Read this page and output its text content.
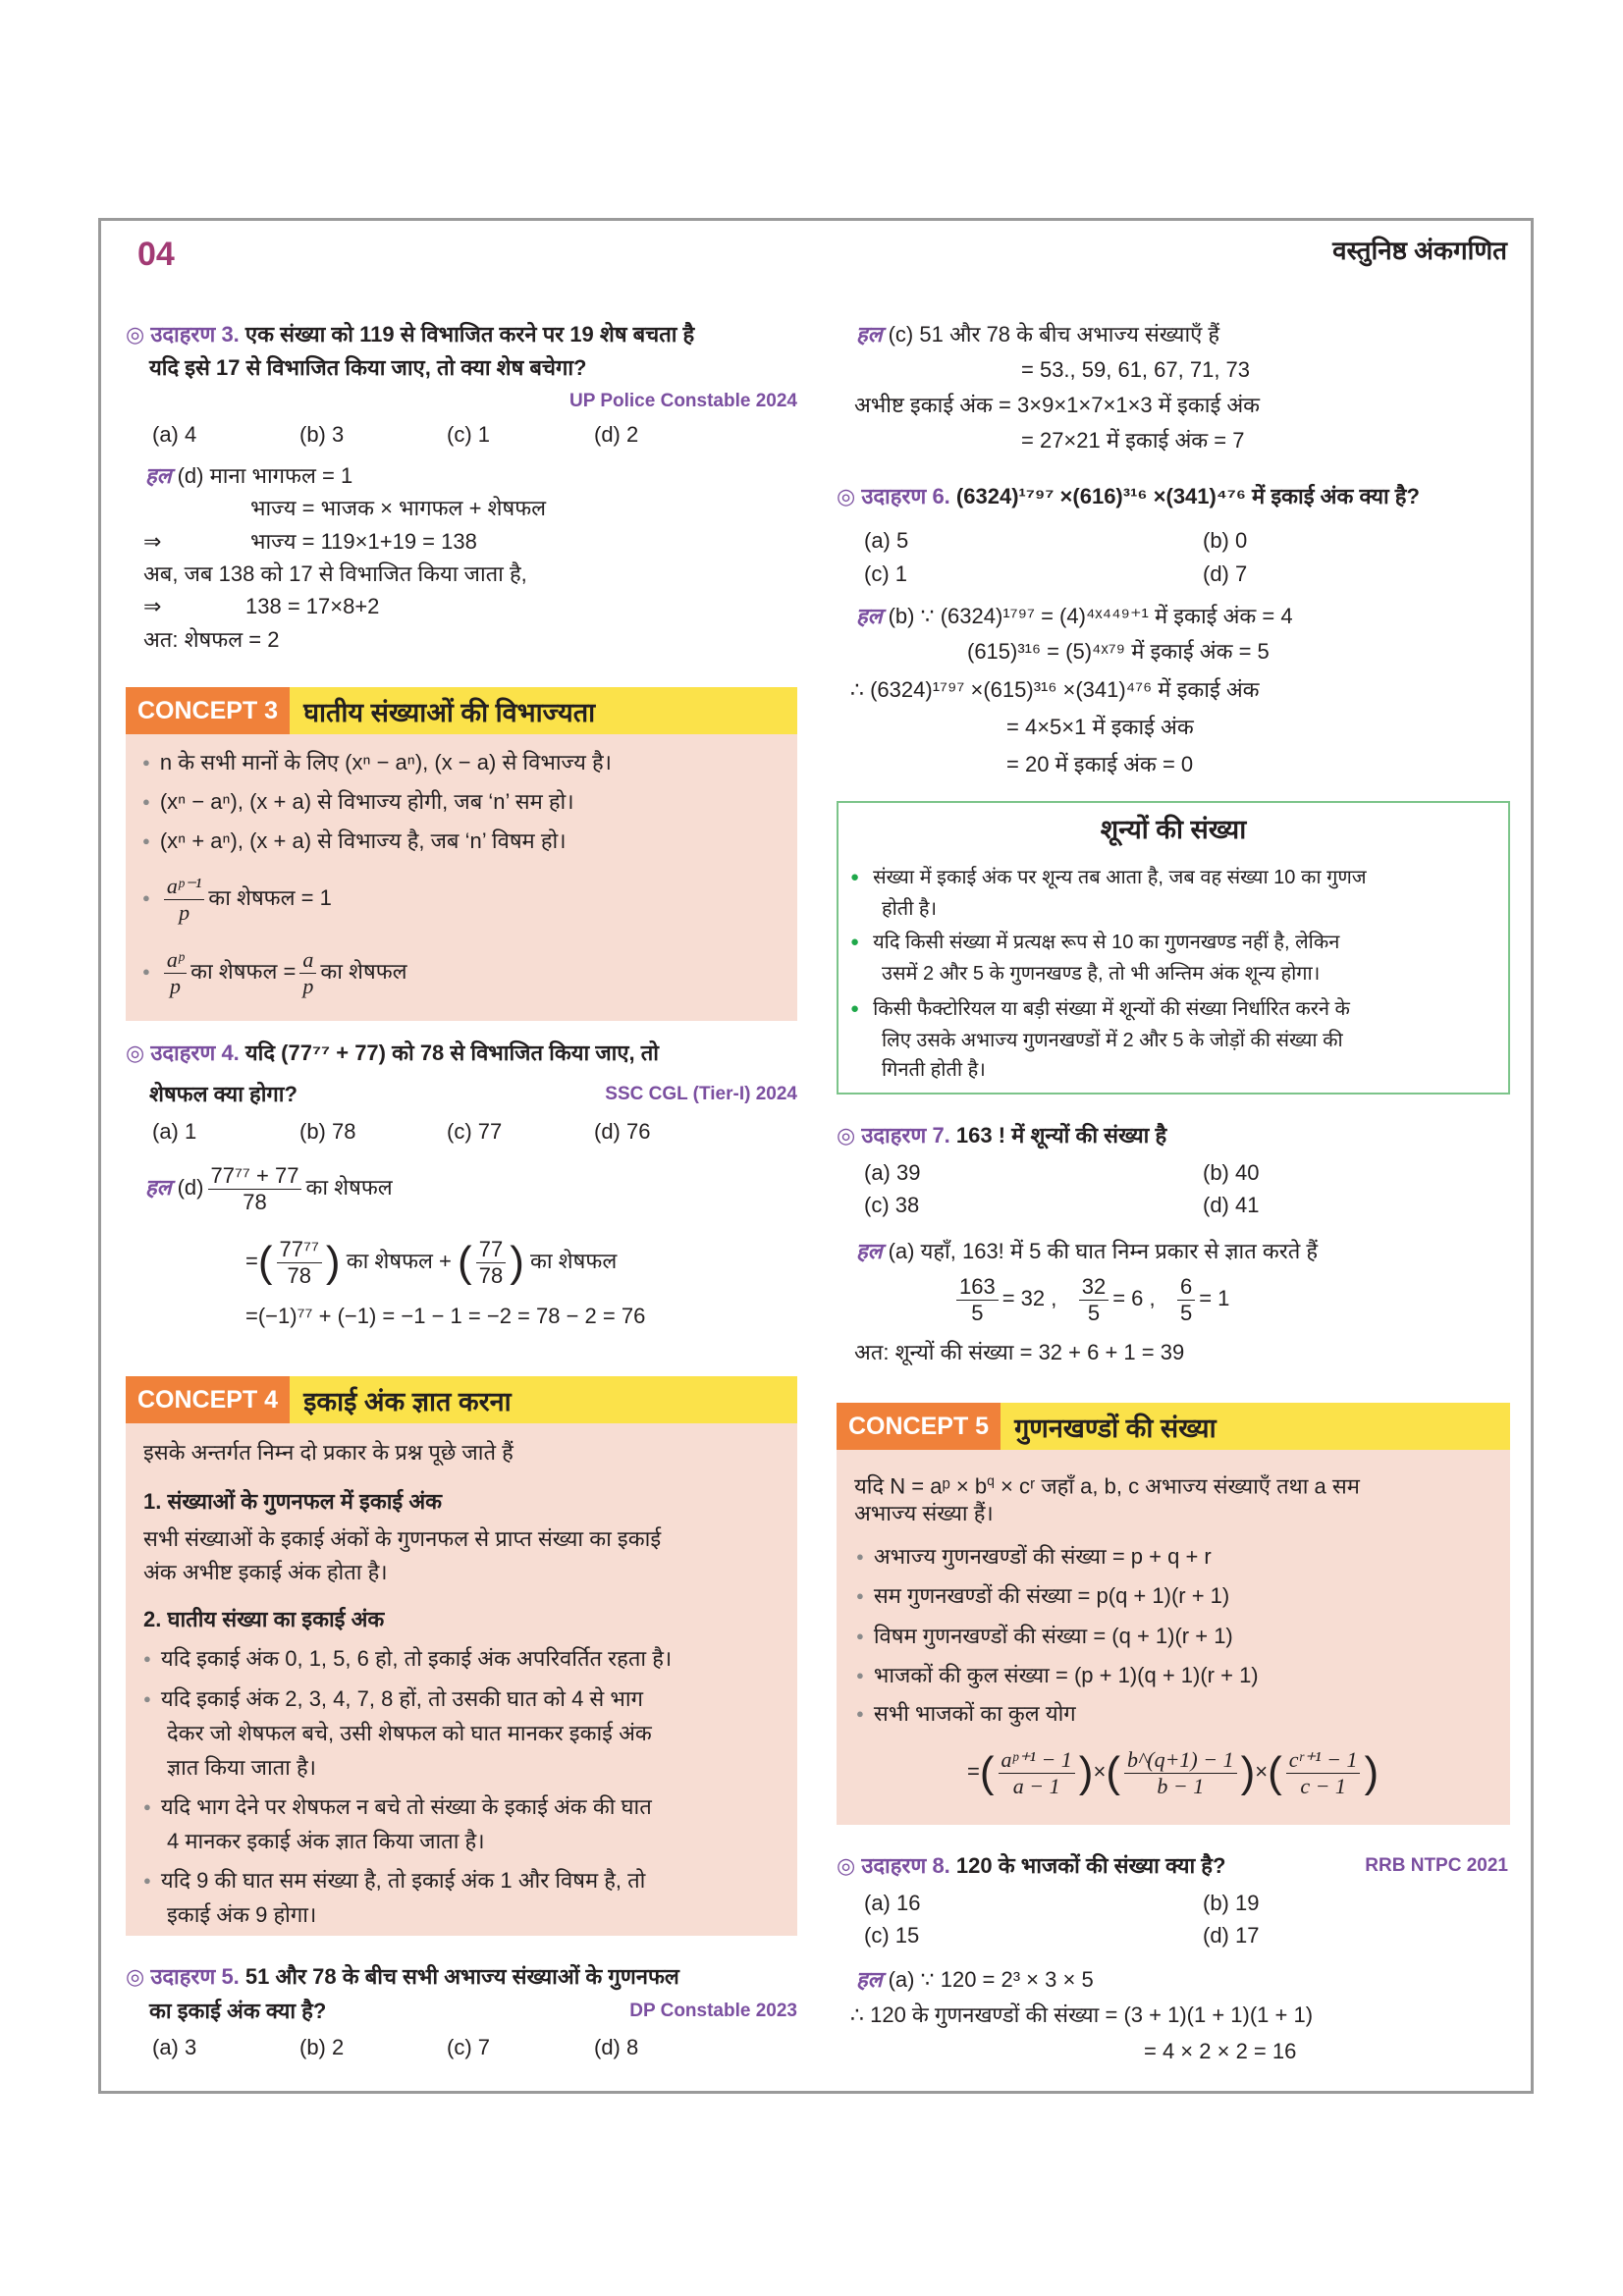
04	वस्तुनिष्ठ अंकगणित
◎ उदाहरण 3. एक संख्या को 119 से विभाजित करने पर 19 शेष बचता है
यदि इसे 17 से विभाजित किया जाए, तो क्या शेष बचेगा?
UP Police Constable 2024
(a) 4	(b) 3	(c) 1	(d) 2
हल (d) माना भागफल = 1
भाज्य = भाजक × भागफल + शेषफल
⇒	भाज्य = 119×1+19 = 138
अब, जब 138 को 17 से विभाजित किया जाता है,
⇒	138 = 17×8+2
अत: शेषफल = 2
CONCEPT 3 घातीय संख्याओं की विभाज्यता
● n के सभी मानों के लिए (xⁿ − aⁿ), (x − a) से विभाज्य है।
● (xⁿ − aⁿ), (x + a) से विभाज्य होगी, जब ‘n’ सम हो।
● (xⁿ + aⁿ), (x + a) से विभाज्य है, जब ‘n’ विषम हो।
● $\frac{\text{aᵖ⁻¹}}{p}$ का शेषफल = 1
● $\frac{\text{aᵖ}}{p}$ का शेषफल = $\frac{a}{p}$ का शेषफल
◎ उदाहरण 4. यदि (77⁷⁷ + 77) को 78 से विभाजित किया जाए, तो
शेषफल क्या होगा?	SSC CGL (Tier-I) 2024
(a) 1	(b) 78	(c) 77	(d) 76
हल $(d) \frac{\text{77⁷⁷ + 77}}{78}$ का शेषफल
=( $\frac{\text{77⁷⁷}}{78}$ ) का शेषफल + ( $\frac{77}{78}$ ) का शेषफल
=(−1)⁷⁷ + (−1) = −1 − 1 = −2 = 78 − 2 = 76
CONCEPT 4 इकाई अंक ज्ञात करना
इसके अन्तर्गत निम्न दो प्रकार के प्रश्न पूछे जाते हैं
1. संख्याओं के गुणनफल में इकाई अंक
सभी संख्याओं के इकाई अंकों के गुणनफल से प्राप्त संख्या का इकाई
अंक अभीष्ट इकाई अंक होता है।
2. घातीय संख्या का इकाई अंक
● यदि इकाई अंक 0, 1, 5, 6 हो, तो इकाई अंक अपरिवर्तित रहता है।
● यदि इकाई अंक 2, 3, 4, 7, 8 हों, तो उसकी घात को 4 से भाग
देकर जो शेषफल बचे, उसी शेषफल को घात मानकर इकाई अंक
ज्ञात किया जाता है।
● यदि भाग देने पर शेषफल न बचे तो संख्या के इकाई अंक की घात
4 मानकर इकाई अंक ज्ञात किया जाता है।
● यदि 9 की घात सम संख्या है, तो इकाई अंक 1 और विषम है, तो
इकाई अंक 9 होगा।
◎ उदाहरण 5. 51 और 78 के बीच सभी अभाज्य संख्याओं के गुणनफल
का इकाई अंक क्या है?	DP Constable 2023
(a) 3	(b) 2	(c) 7	(d) 8
हल (c) 51 और 78 के बीच अभाज्य संख्याएँ हैं
= 53., 59, 61, 67, 71, 73
अभीष्ट इकाई अंक = 3×9×1×7×1×3 में इकाई अंक
= 27×21 में इकाई अंक = 7
◎ उदाहरण 6. (6324)¹⁷⁹⁷ ×(616)³¹⁶ ×(341)⁴⁷⁶ में इकाई अंक क्या है?
(a) 5	(b) 0
(c) 1	(d) 7
हल (b) ∵ (6324)¹⁷⁹⁷ = (4)⁴ˣ⁴⁴⁹⁺¹ में इकाई अंक = 4
(615)³¹⁶ = (5)⁴ˣ⁷⁹ में इकाई अंक = 5
∴ (6324)¹⁷⁹⁷ ×(615)³¹⁶ ×(341)⁴⁷⁶ में इकाई अंक
= 4×5×1 में इकाई अंक
= 20 में इकाई अंक = 0
शून्यों की संख्या
● संख्या में इकाई अंक पर शून्य तब आता है, जब वह संख्या 10 का गुणज
होती है।
● यदि किसी संख्या में प्रत्यक्ष रूप से 10 का गुणनखण्ड नहीं है, लेकिन
उसमें 2 और 5 के गुणनखण्ड है, तो भी अन्तिम अंक शून्य होगा।
● किसी फैक्टोरियल या बड़ी संख्या में शून्यों की संख्या निर्धारित करने के
लिए उसके अभाज्य गुणनखण्डों में 2 और 5 के जोड़ों की संख्या की
गिनती होती है।
◎ उदाहरण 7. 163 ! में शून्यों की संख्या है
(a) 39	(b) 40
(c) 38	(d) 41
हल (a) यहाँ, 163! में 5 की घात निम्न प्रकार से ज्ञात करते हैं
$\frac{163}{5} = 32$ , $\frac{32}{5} = 6$ , $\frac{6}{5} = 1$
अत: शून्यों की संख्या = 32 + 6 + 1 = 39
CONCEPT 5 गुणनखण्डों की संख्या
यदि N = aᵖ × $b^q$ × cʳ जहाँ a, b, c अभाज्य संख्याएँ तथा a सम
अभाज्य संख्या हैं।
● अभाज्य गुणनखण्डों की संख्या = p + q + r
● सम गुणनखण्डों की संख्या = p(q + 1)(r + 1)
● विषम गुणनखण्डों की संख्या = (q + 1)(r + 1)
● भाजकों की कुल संख्या = (p + 1)(q + 1)(r + 1)
● सभी भाजकों का कुल योग
=( $\frac{\text{aᵖ⁺¹ − 1}}{a - 1}$ )×( $\frac{b\^{}(q+1) - 1}{b - 1}$ )×( $\frac{\text{cʳ⁺¹ − 1}}{c - 1}$ )
◎ उदाहरण 8. 120 के भाजकों की संख्या क्या है?	RRB NTPC 2021
(a) 16	(b) 19
(c) 15	(d) 17
हल (a) ∵ 120 = 2³ × 3 × 5
∴ 120 के गुणनखण्डों की संख्या = (3 + 1)(1 + 1)(1 + 1)
= 4 × 2 × 2 = 16
